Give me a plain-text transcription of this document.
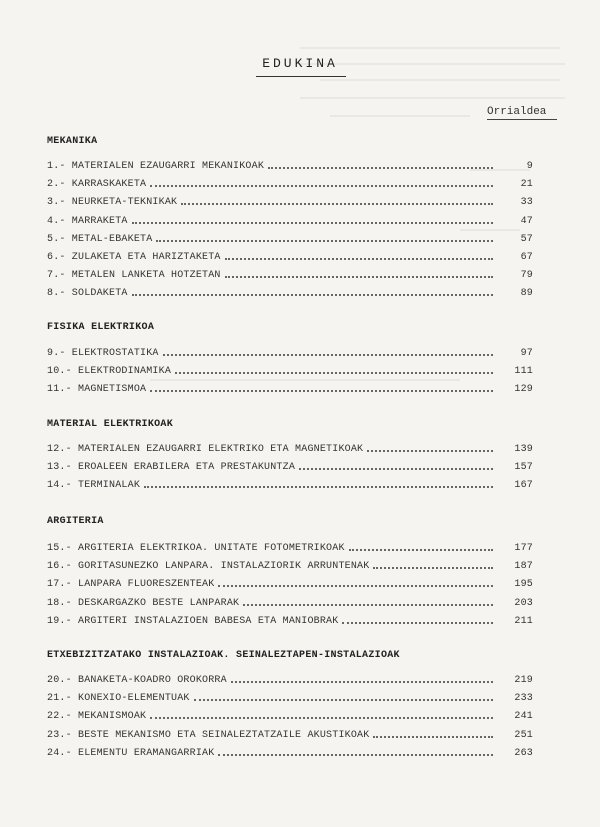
EDUKINA
Orrialdea
MEKANIKA
1.- MATERIALEN EZAUGARRI MEKANIKOAK	9
2.- KARRASKAKETA	21
3.- NEURKETA-TEKNIKAK	33
4.- MARRAKETA	47
5.- METAL-EBAKETA	57
6.- ZULAKETA ETA HARIZTAKETA	67
7.- METALEN LANKETA HOTZETAN	79
8.- SOLDAKETA	89
FISIKA ELEKTRIKOA
9.- ELEKTROSTATIKA	97
10.- ELEKTRODINAMIKA	111
11.- MAGNETISMOA	129
MATERIAL ELEKTRIKOAK
12.- MATERIALEN EZAUGARRI ELEKTRIKO ETA MAGNETIKOAK	139
13.- EROALEEN ERABILERA ETA PRESTAKUNTZA	157
14.- TERMINALAK	167
ARGITERIA
15.- ARGITERIA ELEKTRIKOA. UNITATE FOTOMETRIKOAK	177
16.- GORITASUNEZKO LANPARA. INSTALAZIORIK ARRUNTENAK	187
17.- LANPARA FLUORESZENTEAK	195
18.- DESKARGAZKO BESTE LANPARAK	203
19.- ARGITERI INSTALAZIOEN BABESA ETA MANIOBRAK	211
ETXEBIZITZATAKO INSTALAZIOAK. SEINALEZTAPEN-INSTALAZIOAK
20.- BANAKETA-KOADRO OROKORRA	219
21.- KONEXIO-ELEMENTUAK	233
22.- MEKANISMOAK	241
23.- BESTE MEKANISMO ETA SEINALEZTATZAILE AKUSTIKOAK	251
24.- ELEMENTU ERAMANGARRIAK	263
